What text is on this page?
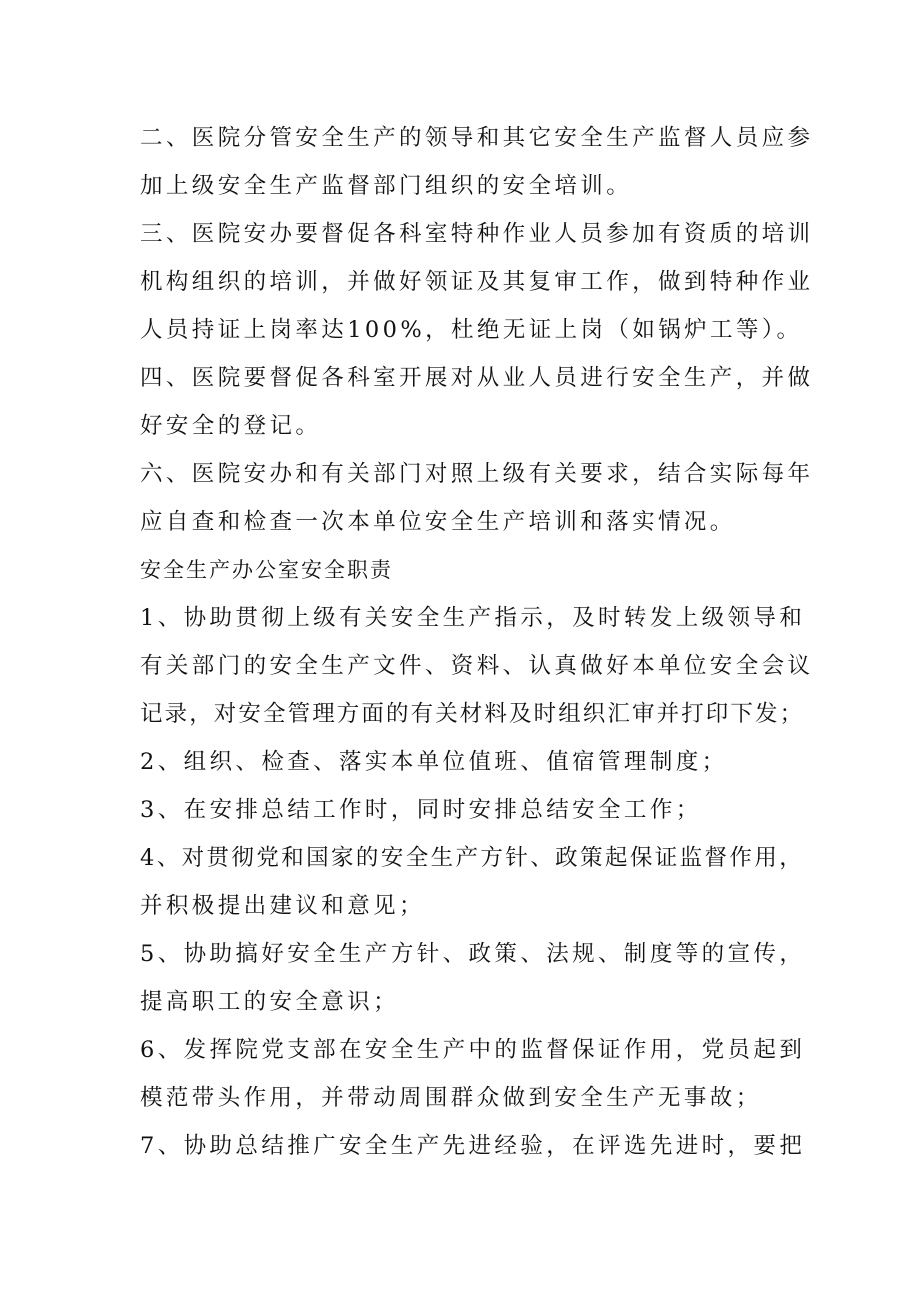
二、医院分管安全生产的领导和其它安全生产监督人员应参
加上级安全生产监督部门组织的安全培训。
三、医院安办要督促各科室特种作业人员参加有资质的培训
机构组织的培训，并做好领证及其复审工作，做到特种作业
人员持证上岗率达100%，杜绝无证上岗（如锅炉工等）。
四、医院要督促各科室开展对从业人员进行安全生产，并做
好安全的登记。
六、医院安办和有关部门对照上级有关要求，结合实际每年
应自查和检查一次本单位安全生产培训和落实情况。
安全生产办公室安全职责
1、协助贯彻上级有关安全生产指示，及时转发上级领导和
有关部门的安全生产文件、资料、认真做好本单位安全会议
记录，对安全管理方面的有关材料及时组织汇审并打印下发；
2、组织、检查、落实本单位值班、值宿管理制度；
3、在安排总结工作时，同时安排总结安全工作；
4、对贯彻党和国家的安全生产方针、政策起保证监督作用，
并积极提出建议和意见；
5、协助搞好安全生产方针、政策、法规、制度等的宣传，
提高职工的安全意识；
6、发挥院党支部在安全生产中的监督保证作用，党员起到
模范带头作用，并带动周围群众做到安全生产无事故；
7、协助总结推广安全生产先进经验，在评选先进时，要把
